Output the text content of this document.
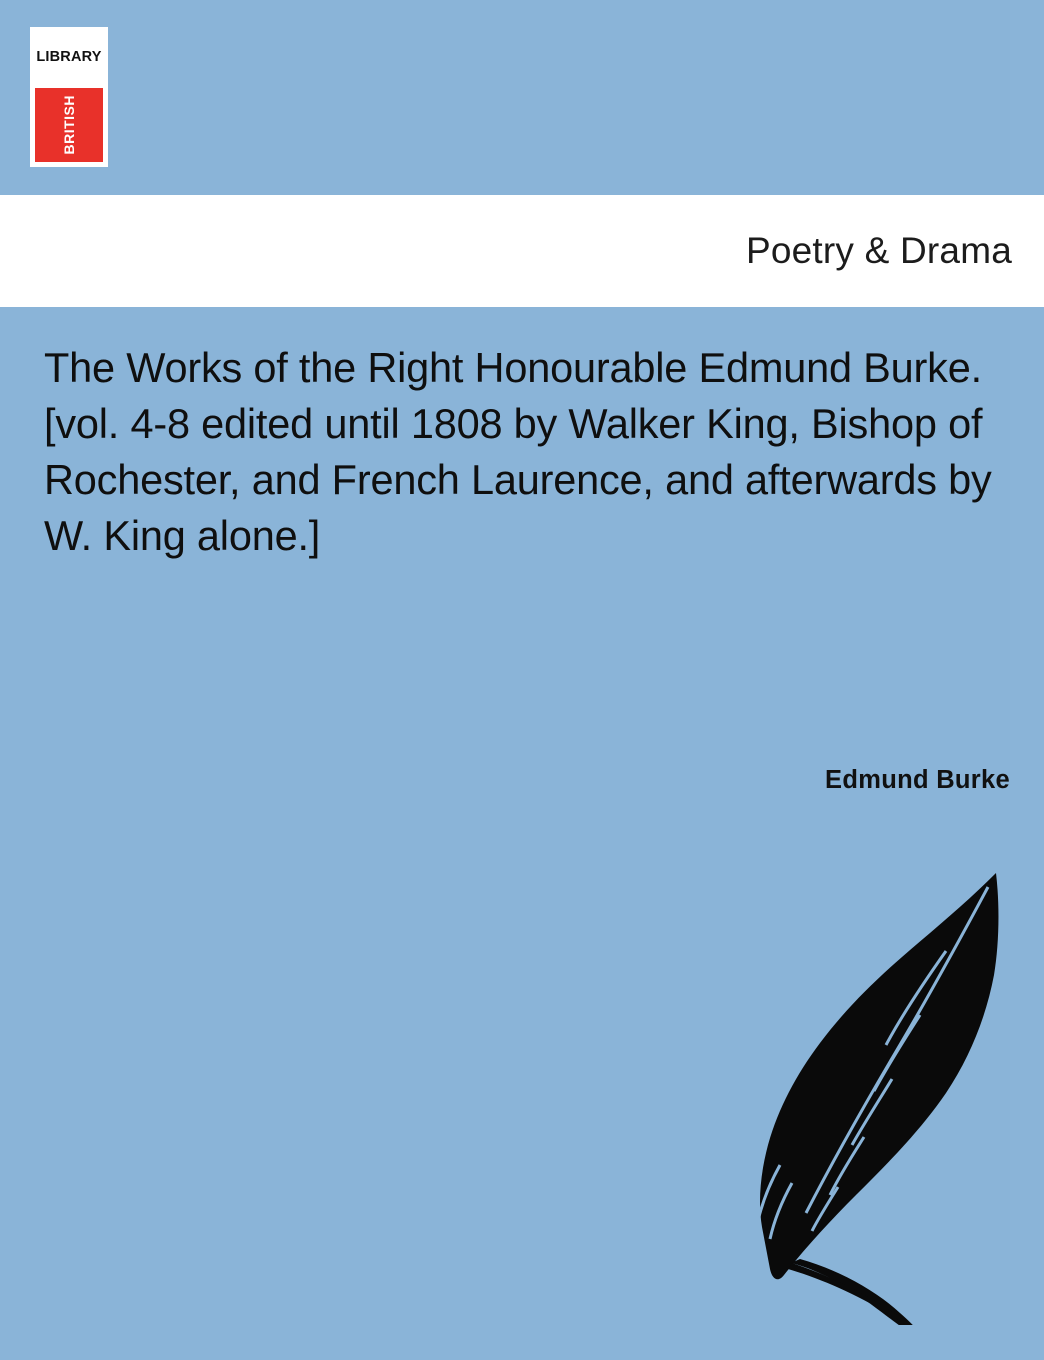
LIBRARY
BRITISH
Poetry & Drama
The Works of the Right Honourable Edmund Burke. [vol. 4-8 edited until 1808 by Walker King, Bishop of Rochester, and French Laurence, and afterwards by W. King alone.]
Edmund Burke
